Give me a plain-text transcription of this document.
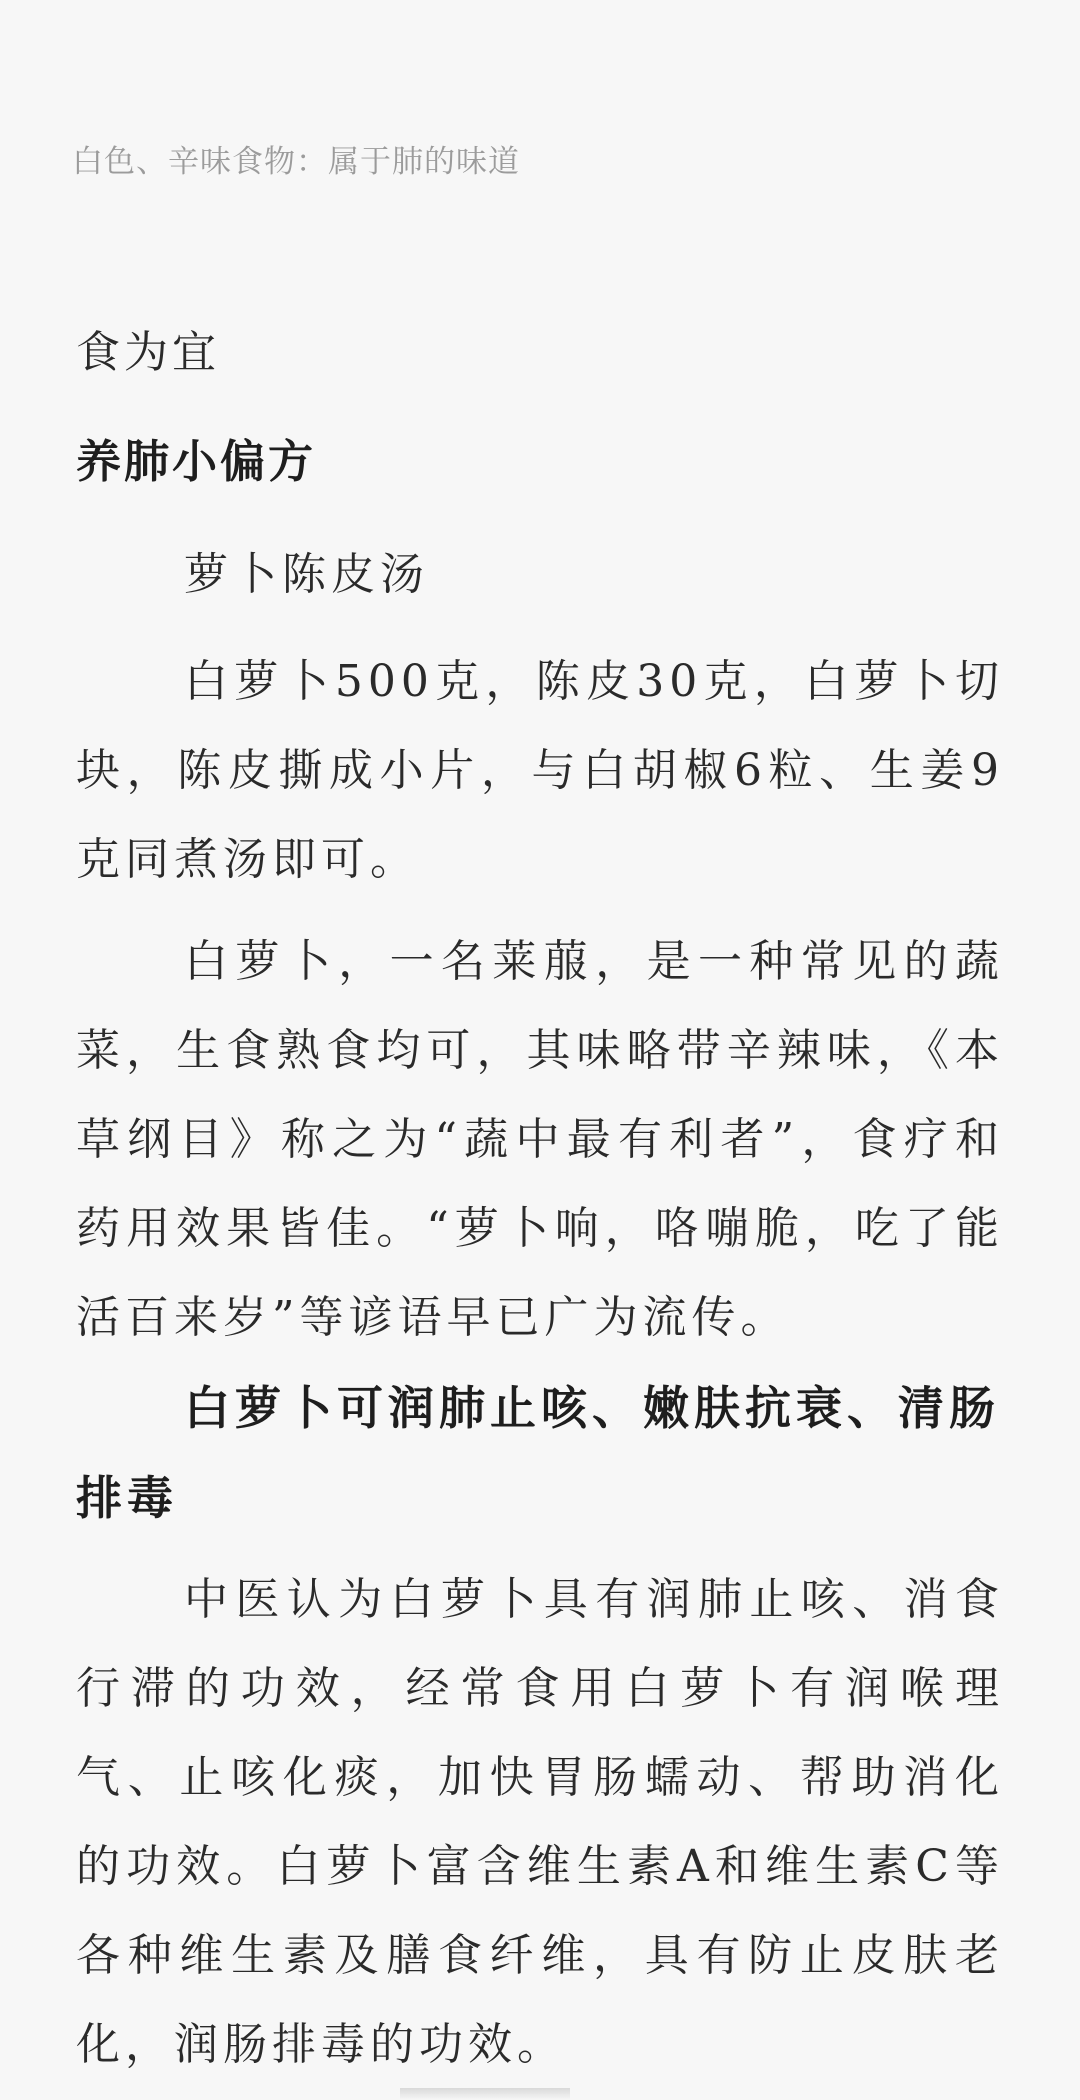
白色、辛味食物：属于肺的味道
食为宜
养肺小偏方

萝卜陈皮汤

白萝卜500克，陈皮30克，白萝卜切块，陈皮撕成小片，与白胡椒6粒、生姜9克同煮汤即可。

白萝卜，一名莱菔，是一种常见的蔬菜，生食熟食均可，其味略带辛辣味，《本草纲目》称之为“蔬中最有利者”，食疗和药用效果皆佳。“萝卜响，咯嘣脆，吃了能活百来岁”等谚语早已广为流传。

白萝卜可润肺止咳、嫩肤抗衰、清肠排毒

中医认为白萝卜具有润肺止咳、消食行滞的功效，经常食用白萝卜有润喉理气、止咳化痰，加快胃肠蠕动、帮助消化的功效。白萝卜富含维生素A和维生素C等各种维生素及膳食纤维，具有防止皮肤老化，润肠排毒的功效。
